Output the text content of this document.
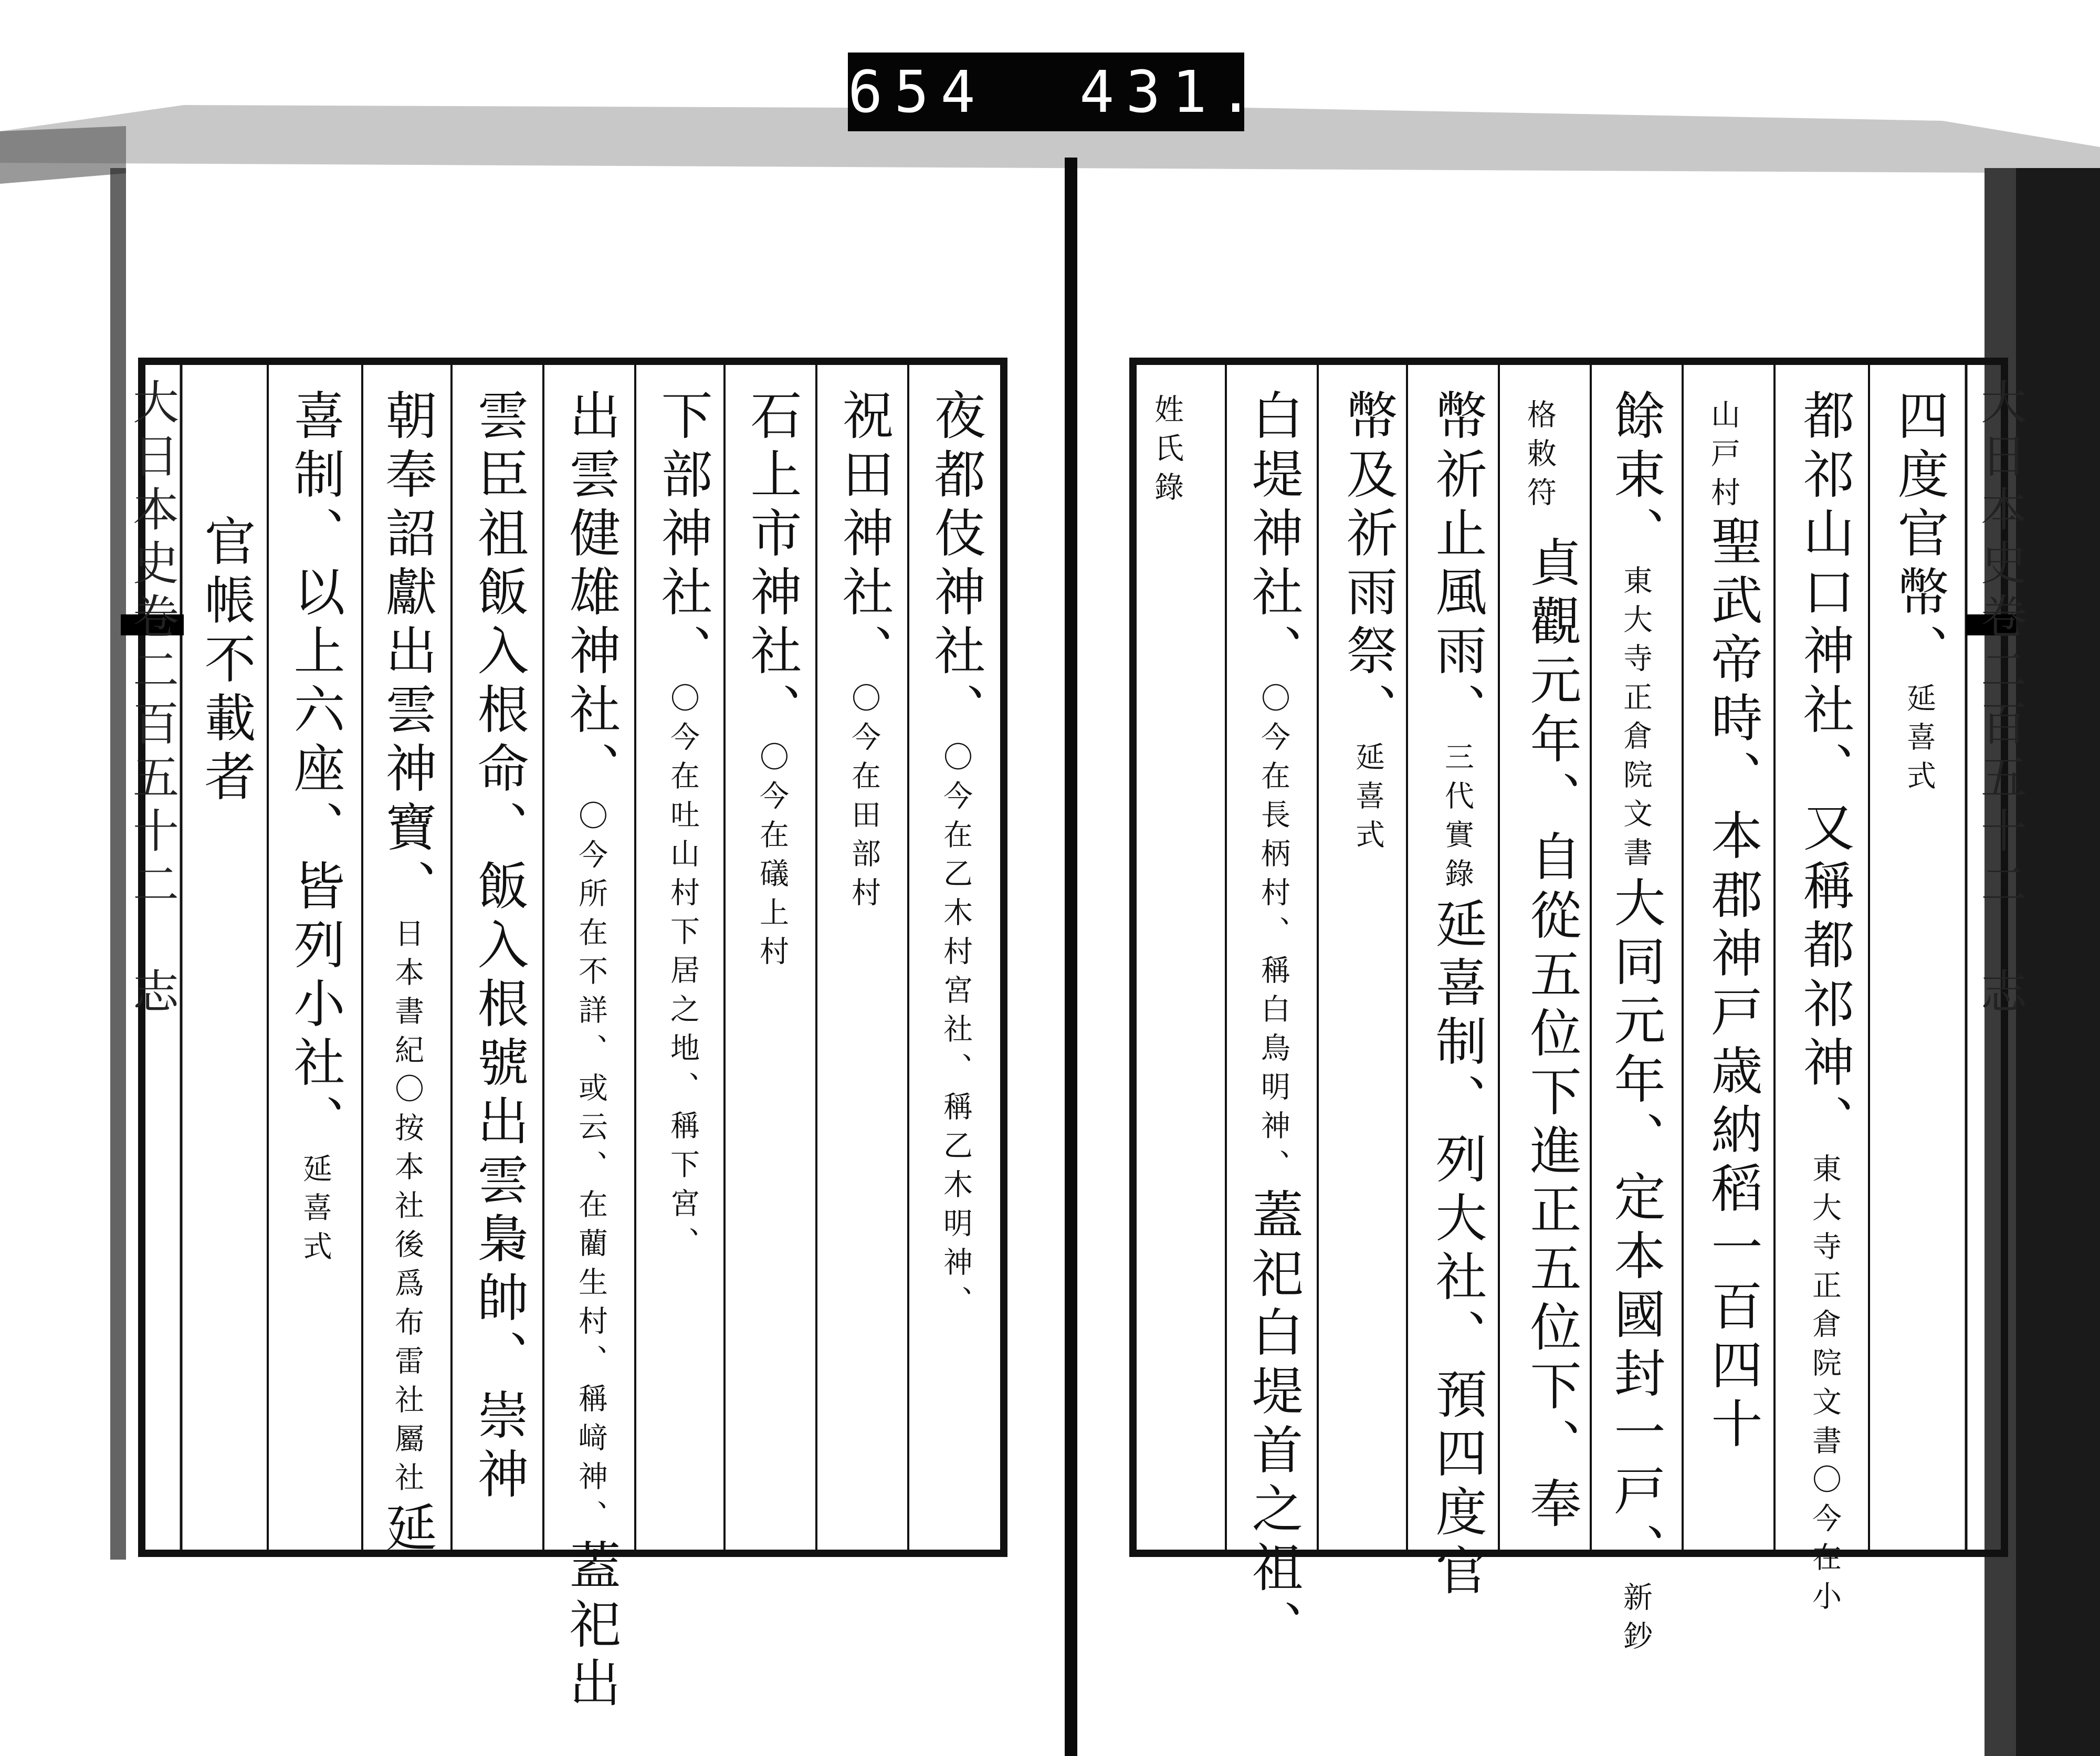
654  431.
四度官幣、延喜式
都祁山口神社、又稱都祁神、東大寺正倉院文書〇今在小
山戸村
聖武帝時、本郡神戸歳納稻一百四十
餘束、東大寺正倉院文書大同元年、定本國封一戸、新鈔
格敕符
貞觀元年、自從五位下進正五位下、奉
幣祈止風雨、三代實錄延喜制、列大社、預四度官
幣及祈雨祭、延喜式
白堤神社、〇今在長柄村、稱白鳥明神、蓋祀白堤首之祖、
姓氏錄
夜都伎神社、〇今在乙木村宮社、稱乙木明神、
祝田神社、〇今在田部村
石上市神社、〇今在礒上村
下部神社、〇今在吐山村下居之地、稱下宮、
出雲健雄神社、〇今所在不詳、或云、在藺生村、稱﨑神、蓋祀出
雲臣祖飯入根命、飯入根號出雲梟帥、崇神
朝奉詔獻出雲神寶、日本書紀〇按本社後爲布雷社屬社延
喜制、以上六座、皆列小社、延喜式
官帳不載者
大日本史卷二百五十二　志	大日本史卷二百五十二　志
